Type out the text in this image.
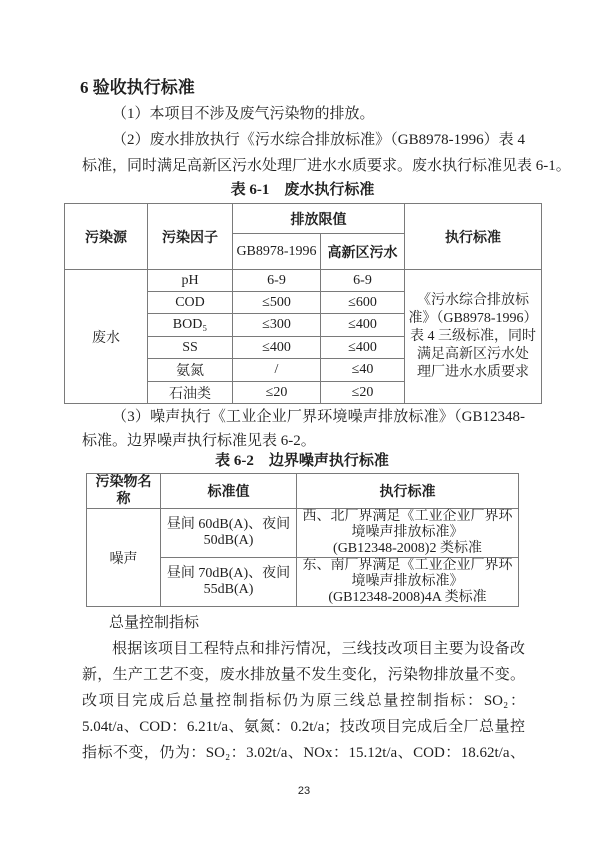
6 验收执行标准
（1）本项目不涉及废气污染物的排放。
（2）废水排放执行《污水综合排放标准》（GB8978-1996）表 4
标准，同时满足高新区污水处理厂进水水质要求。废水执行标准见表 6-1。
表 6-1　废水执行标准
污染源	污染因子	排放限值		执行标准
		GB8978-1996	高新区污水	
废水	pH	6-9	6-9	《污水综合排放标
准》（GB8978-1996）
表 4 三级标准，同时
满足高新区污水处
理厂进水水质要求

	COD	≤500	≤600	
	BOD₅	≤300	≤400	
	SS	≤400	≤400	
	氨氮	/	≤40	
	石油类	≤20	≤20	
（3）噪声执行《工业企业厂界环境噪声排放标准》（GB12348-
标准。边界噪声执行标准见表 6-2。
表 6-2　边界噪声执行标准
污染物名
称	标准值	执行标准
噪声	昼间 60dB(A)、夜间
50dB(A)	西、北厂界满足《工业企业厂界环
境噪声排放标准》
(GB12348-2008)2 类标准

	昼间 70dB(A)、夜间
55dB(A)	东、南厂界满足《工业企业厂界环
境噪声排放标准》
(GB12348-2008)4A 类标准
总量控制指标
根据该项目工程特点和排污情况，三线技改项目主要为设备改
新，生产工艺不变，废水排放量不发生变化，污染物排放量不变。
改项目完成后总量控制指标仍为原三线总量控制指标：SO₂：
5.04t/a、COD：6.21t/a、氨氮：0.2t/a；技改项目完成后全厂总量控
指标不变，仍为：SO₂：3.02t/a、NOx：15.12t/a、COD：18.62t/a、
23
